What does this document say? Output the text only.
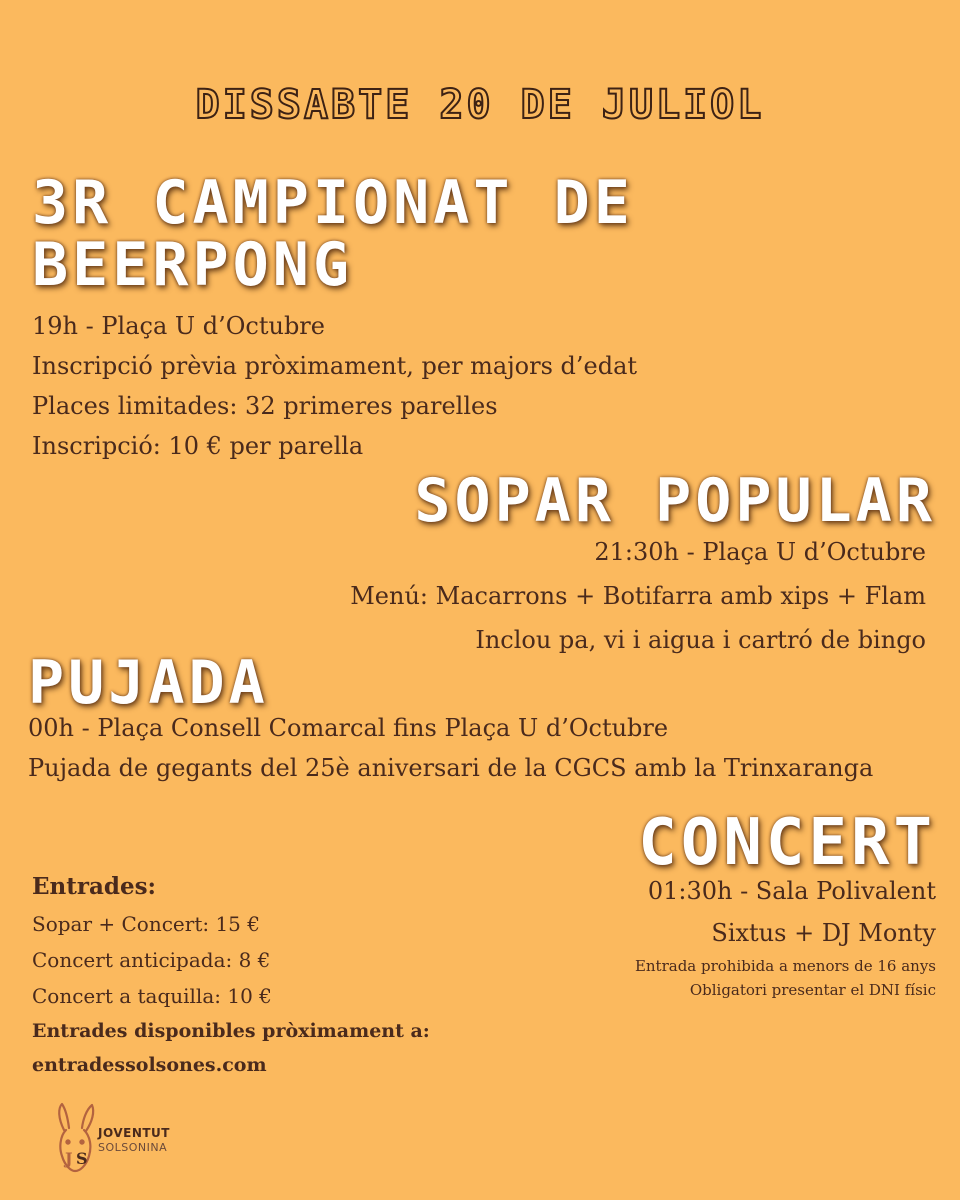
DISSABTE 20 DE JULIOL
3R CAMPIONAT DE BEERPONG
19h - Plaça U d’Octubre
Inscripció prèvia pròximament, per majors d’edat
Places limitades: 32 primeres parelles
Inscripció: 10 € per parella
SOPAR POPULAR
21:30h - Plaça U d’Octubre
Menú: Macarrons + Botifarra amb xips + Flam
Inclou pa, vi i aigua i cartró de bingo
PUJADA
00h - Plaça Consell Comarcal fins Plaça U d’Octubre
Pujada de gegants del 25è aniversari de la CGCS amb la Trinxaranga
CONCERT
01:30h - Sala Polivalent
Sixtus + DJ Monty
Entrada prohibida a menors de 16 anys
Obligatori presentar el DNI físic
Entrades:
Sopar + Concert: 15 €
Concert anticipada: 8 €
Concert a taquilla: 10 €
Entrades disponibles pròximament a:
entradessolsones.com
J S
JOVENTUT
SOLSONINA
